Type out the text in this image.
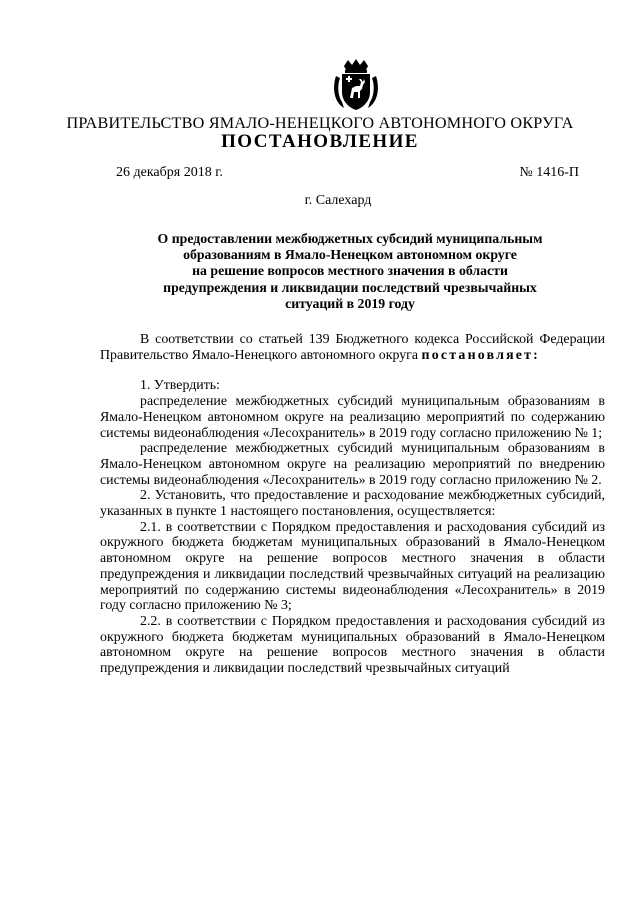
ПРАВИТЕЛЬСТВО ЯМАЛО-НЕНЕЦКОГО АВТОНОМНОГО ОКРУГА
ПОСТАНОВЛЕНИЕ
26 декабря 2018 г.	№ 1416-П
г. Салехард
О предоставлении межбюджетных субсидий муниципальным
образованиям в Ямало-Ненецком автономном округе
на решение вопросов местного значения в области
предупреждения и ликвидации последствий чрезвычайных
ситуаций в 2019 году

В соответствии со статьей 139 Бюджетного кодекса Российской Федерации Правительство Ямало-Ненецкого автономного округа постановляет:

1. Утвердить:

распределение межбюджетных субсидий муниципальным образованиям в Ямало-Ненецком автономном округе на реализацию мероприятий по содержанию системы видеонаблюдения «Лесохранитель» в 2019 году согласно приложению № 1;

распределение межбюджетных субсидий муниципальным образованиям в Ямало-Ненецком автономном округе на реализацию мероприятий по внедрению системы видеонаблюдения «Лесохранитель» в 2019 году согласно приложению № 2.

2. Установить, что предоставление и расходование межбюджетных субсидий, указанных в пункте 1 настоящего постановления, осуществляется:

2.1. в соответствии с Порядком предоставления и расходования субсидий из окружного бюджета бюджетам муниципальных образований в Ямало-Ненецком автономном округе на решение вопросов местного значения в области предупреждения и ликвидации последствий чрезвычайных ситуаций на реализацию мероприятий по содержанию системы видеонаблюдения «Лесохранитель» в 2019 году согласно приложению № 3;

2.2. в соответствии с Порядком предоставления и расходования субсидий из окружного бюджета бюджетам муниципальных образований в Ямало-Ненецком автономном округе на решение вопросов местного значения в области предупреждения и ликвидации последствий чрезвычайных ситуаций
